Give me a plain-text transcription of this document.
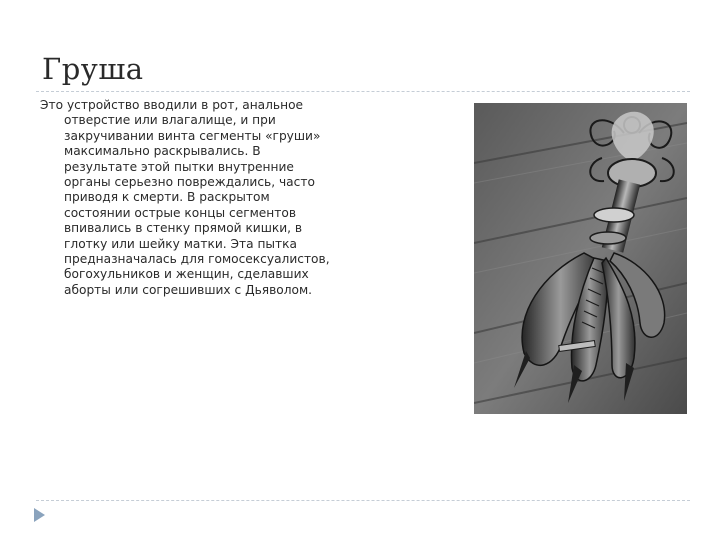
Груша

Это устройство вводили в рот, анальное отверстие или влагалище, и при закручивании винта сегменты «груши» максимально раскрывались. В результате этой пытки внутренние органы серьезно повреждались, часто приводя к смерти. В раскрытом состоянии острые концы сегментов впивались в стенку прямой кишки, в глотку или шейку матки. Эта пытка предназначалась для гомосексуалистов, богохульников и женщин, сделавших аборты или согрешивших с Дьяволом.
